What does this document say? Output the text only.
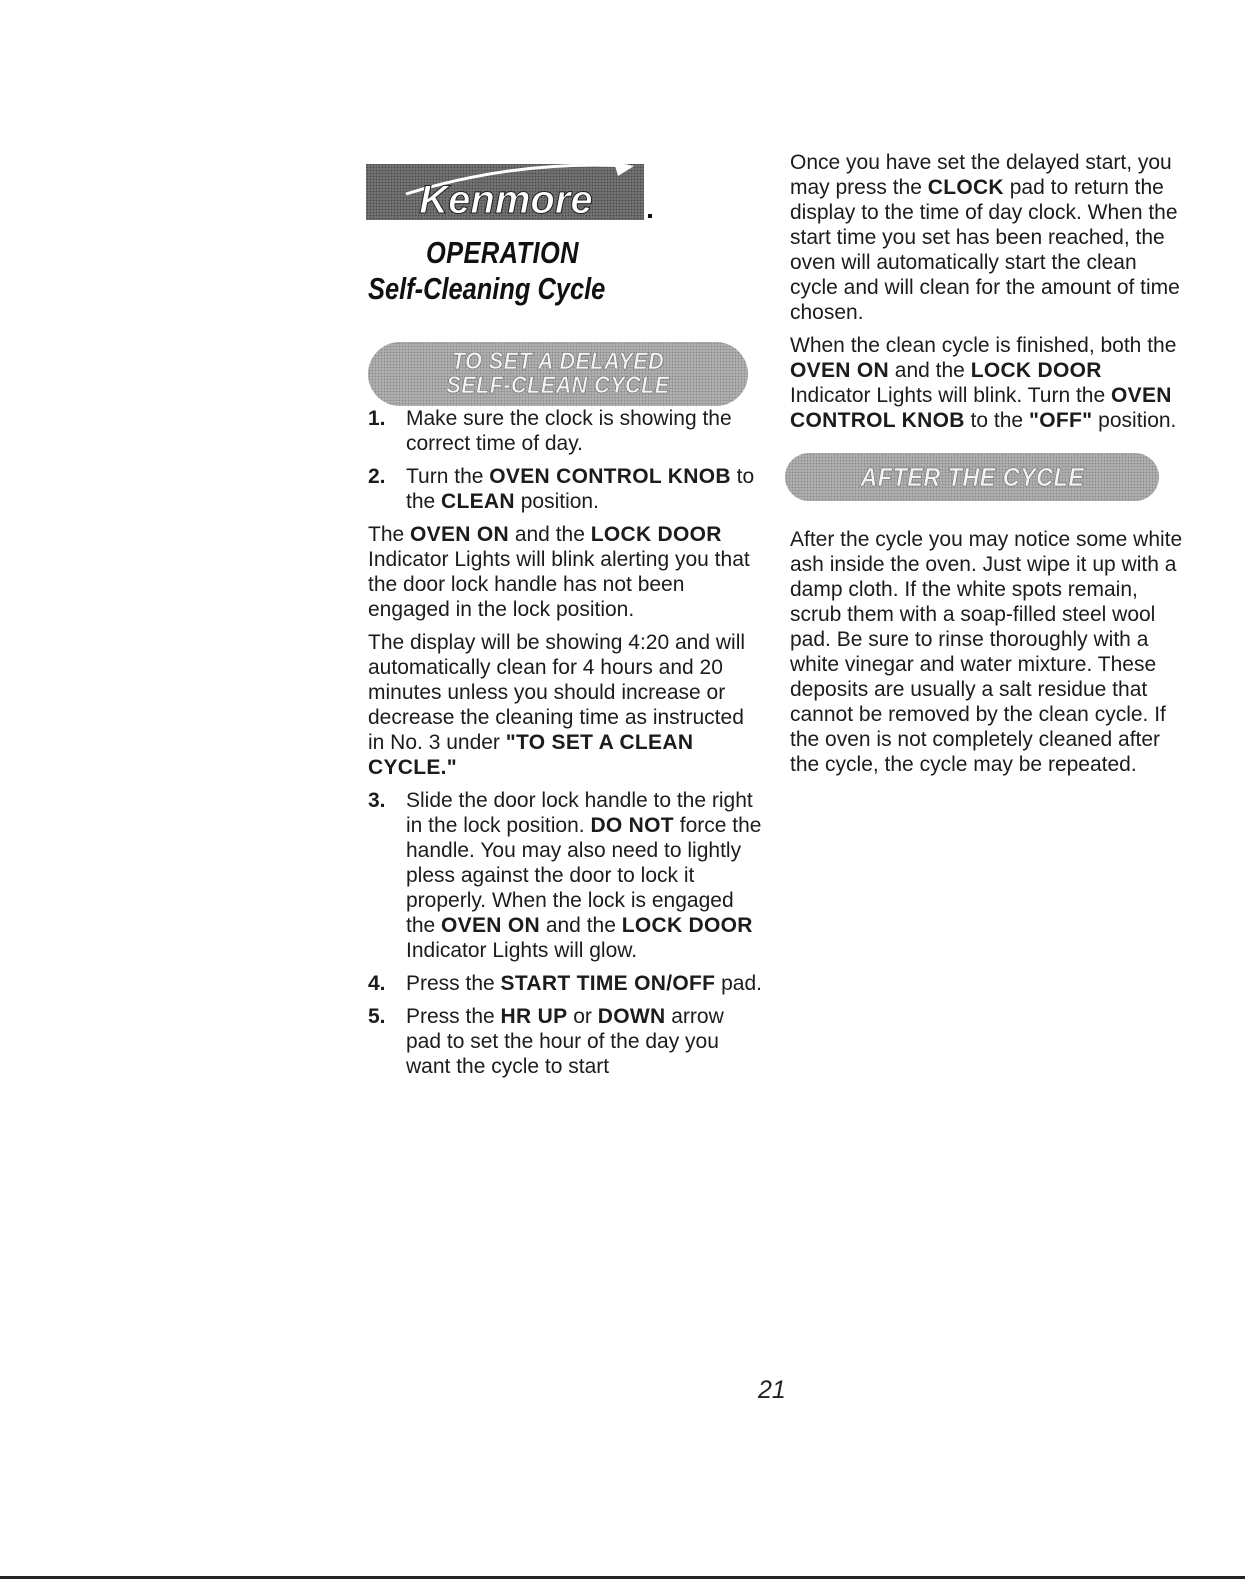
Kenmore
OPERATION
Self-Cleaning Cycle
TO SET A DELAYED
SELF-CLEAN CYCLE
1. Make sure the clock is showing the correct time of day.
2. Turn the OVEN CONTROL KNOB to the CLEAN position.

The OVEN ON and the LOCK DOOR Indicator Lights will blink alerting you that the door lock handle has not been engaged in the lock position.

The display will be showing 4:20 and will automatically clean for 4 hours and 20 minutes unless you should increase or decrease the cleaning time as instructed in No. 3 under "TO SET A CLEAN CYCLE."

3. Slide the door lock handle to the right in the lock position. DO NOT force the handle. You may also need to lightly pless against the door to lock it properly. When the lock is engaged the OVEN ON and the LOCK DOOR Indicator Lights will glow.
4. Press the START TIME ON/OFF pad.
5. Press the HR UP or DOWN arrow pad to set the hour of the day you want the cycle to start

Once you have set the delayed start, you may press the CLOCK pad to return the display to the time of day clock. When the start time you set has been reached, the oven will automatically start the clean cycle and will clean for the amount of time chosen.

When the clean cycle is finished, both the OVEN ON and the LOCK DOOR Indicator Lights will blink. Turn the OVEN CONTROL KNOB to the "OFF" position.

AFTER THE CYCLE

After the cycle you may notice some white ash inside the oven. Just wipe it up with a damp cloth. If the white spots remain, scrub them with a soap-filled steel wool pad. Be sure to rinse thoroughly with a white vinegar and water mixture. These deposits are usually a salt residue that cannot be removed by the clean cycle. If the oven is not completely cleaned after the cycle, the cycle may be repeated.

21
